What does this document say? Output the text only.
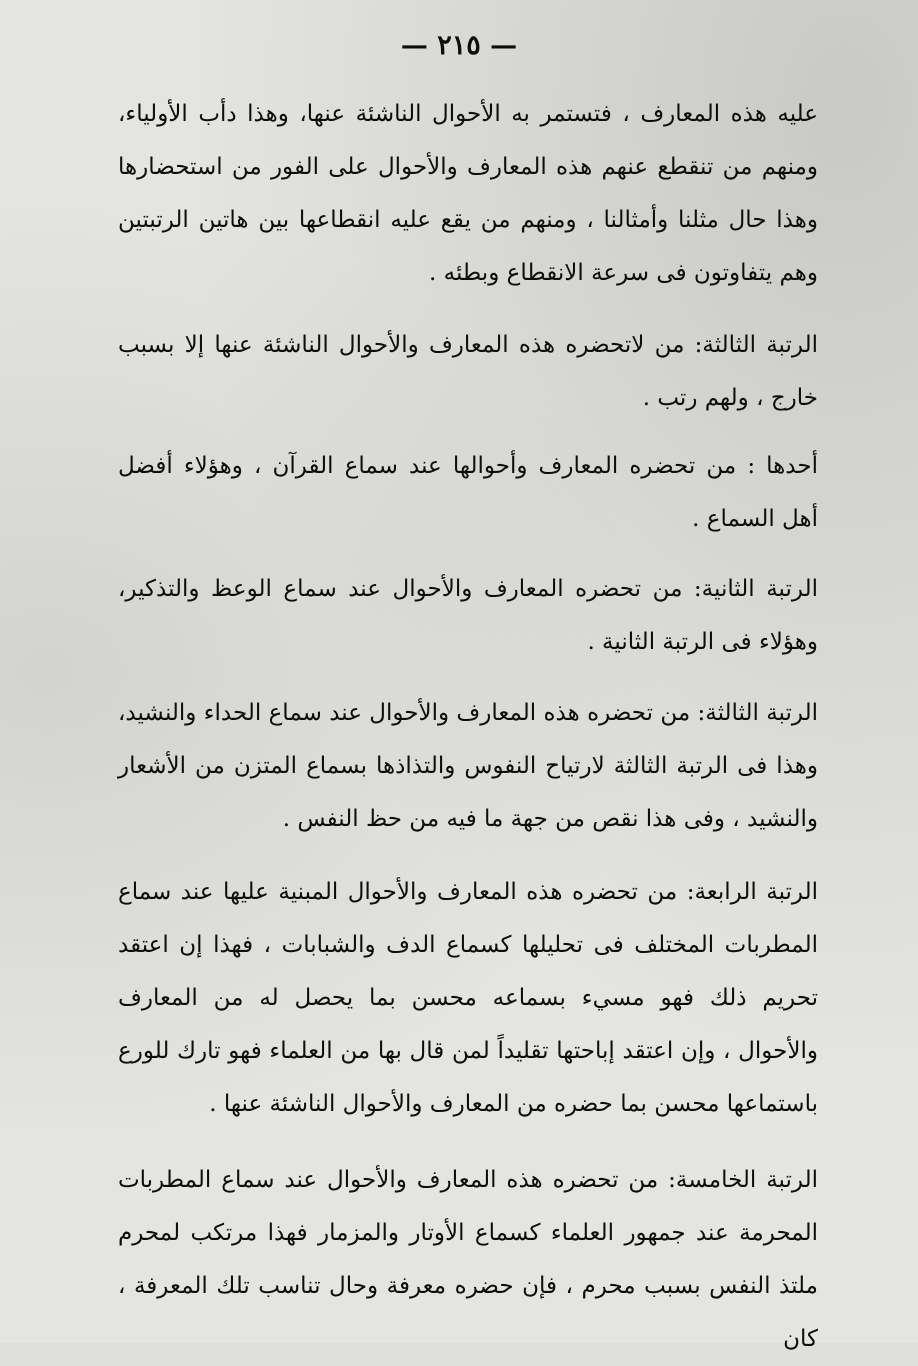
— ٢١٥ —

عليه هذه المعارف ، فتستمر به الأحوال الناشئة عنها، وهذا دأب الأولياء، ومنهم من تنقطع عنهم هذه المعارف والأحوال على الفور من استحضارها وهذا حال مثلنا وأمثالنا ، ومنهم من يقع عليه انقطاعها بين هاتين الرتبتين وهم يتفاوتون فى سرعة الانقطاع وبطئه .

الرتبة الثالثة: من لاتحضره هذه المعارف والأحوال الناشئة عنها إلا بسبب خارج ، ولهم رتب .

أحدها : من تحضره المعارف وأحوالها عند سماع القرآن ، وهؤلاء أفضل أهل السماع .

الرتبة الثانية: من تحضره المعارف والأحوال عند سماع الوعظ والتذكير، وهؤلاء فى الرتبة الثانية .

الرتبة الثالثة: من تحضره هذه المعارف والأحوال عند سماع الحداء والنشيد، وهذا فى الرتبة الثالثة لارتياح النفوس والتذاذها بسماع المتزن من الأشعار والنشيد ، وفى هذا نقص من جهة ما فيه من حظ النفس .

الرتبة الرابعة: من تحضره هذه المعارف والأحوال المبنية عليها عند سماع المطربات المختلف فى تحليلها كسماع الدف والشبابات ، فهذا إن اعتقد تحريم ذلك فهو مسيء بسماعه محسن بما يحصل له من المعارف والأحوال ، وإن اعتقد إباحتها تقليداً لمن قال بها من العلماء فهو تارك للورع باستماعها محسن بما حضره من المعارف والأحوال الناشئة عنها .

الرتبة الخامسة: من تحضره هذه المعارف والأحوال عند سماع المطربات المحرمة عند جمهور العلماء كسماع الأوتار والمزمار فهذا مرتكب لمحرم ملتذ النفس بسبب محرم ، فإن حضره معرفة وحال تناسب تلك المعرفة ، كان
